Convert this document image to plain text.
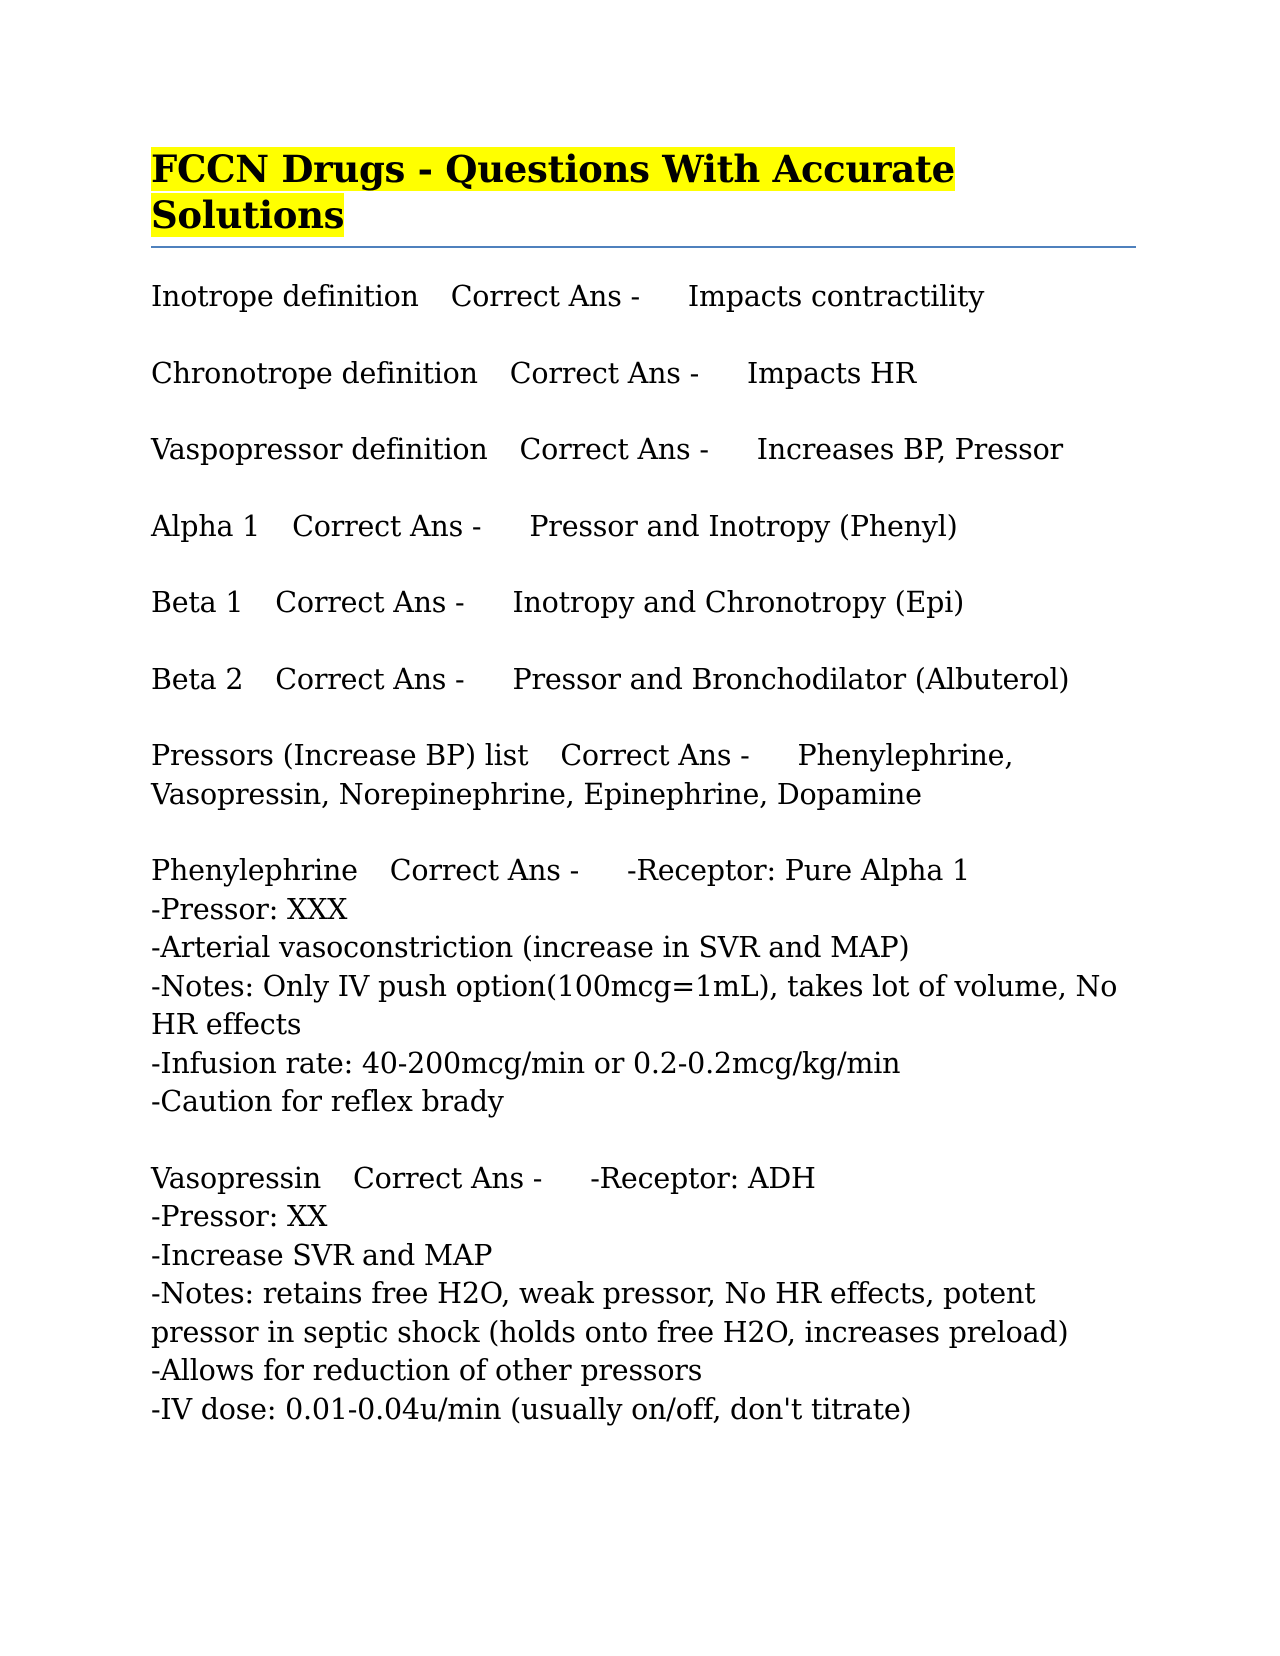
FCCN Drugs - Questions With Accurate Solutions
Inotrope definition Correct Ans - Impacts contractility
Chronotrope definition Correct Ans - Impacts HR
Vaspopressor definition Correct Ans - Increases BP, Pressor
Alpha 1 Correct Ans - Pressor and Inotropy (Phenyl)
Beta 1 Correct Ans - Inotropy and Chronotropy (Epi)
Beta 2 Correct Ans - Pressor and Bronchodilator (Albuterol)
Pressors (Increase BP) list Correct Ans - Phenylephrine, Vasopressin, Norepinephrine, Epinephrine, Dopamine
Phenylephrine Correct Ans - -Receptor: Pure Alpha 1
-Pressor: XXX
-Arterial vasoconstriction (increase in SVR and MAP)
-Notes: Only IV push option(100mcg=1mL), takes lot of volume, No HR effects
-Infusion rate: 40-200mcg/min or 0.2-0.2mcg/kg/min
-Caution for reflex brady
Vasopressin Correct Ans - -Receptor: ADH
-Pressor: XX
-Increase SVR and MAP
-Notes: retains free H2O, weak pressor, No HR effects, potent pressor in septic shock (holds onto free H2O, increases preload)
-Allows for reduction of other pressors
-IV dose: 0.01-0.04u/min (usually on/off, don't titrate)
